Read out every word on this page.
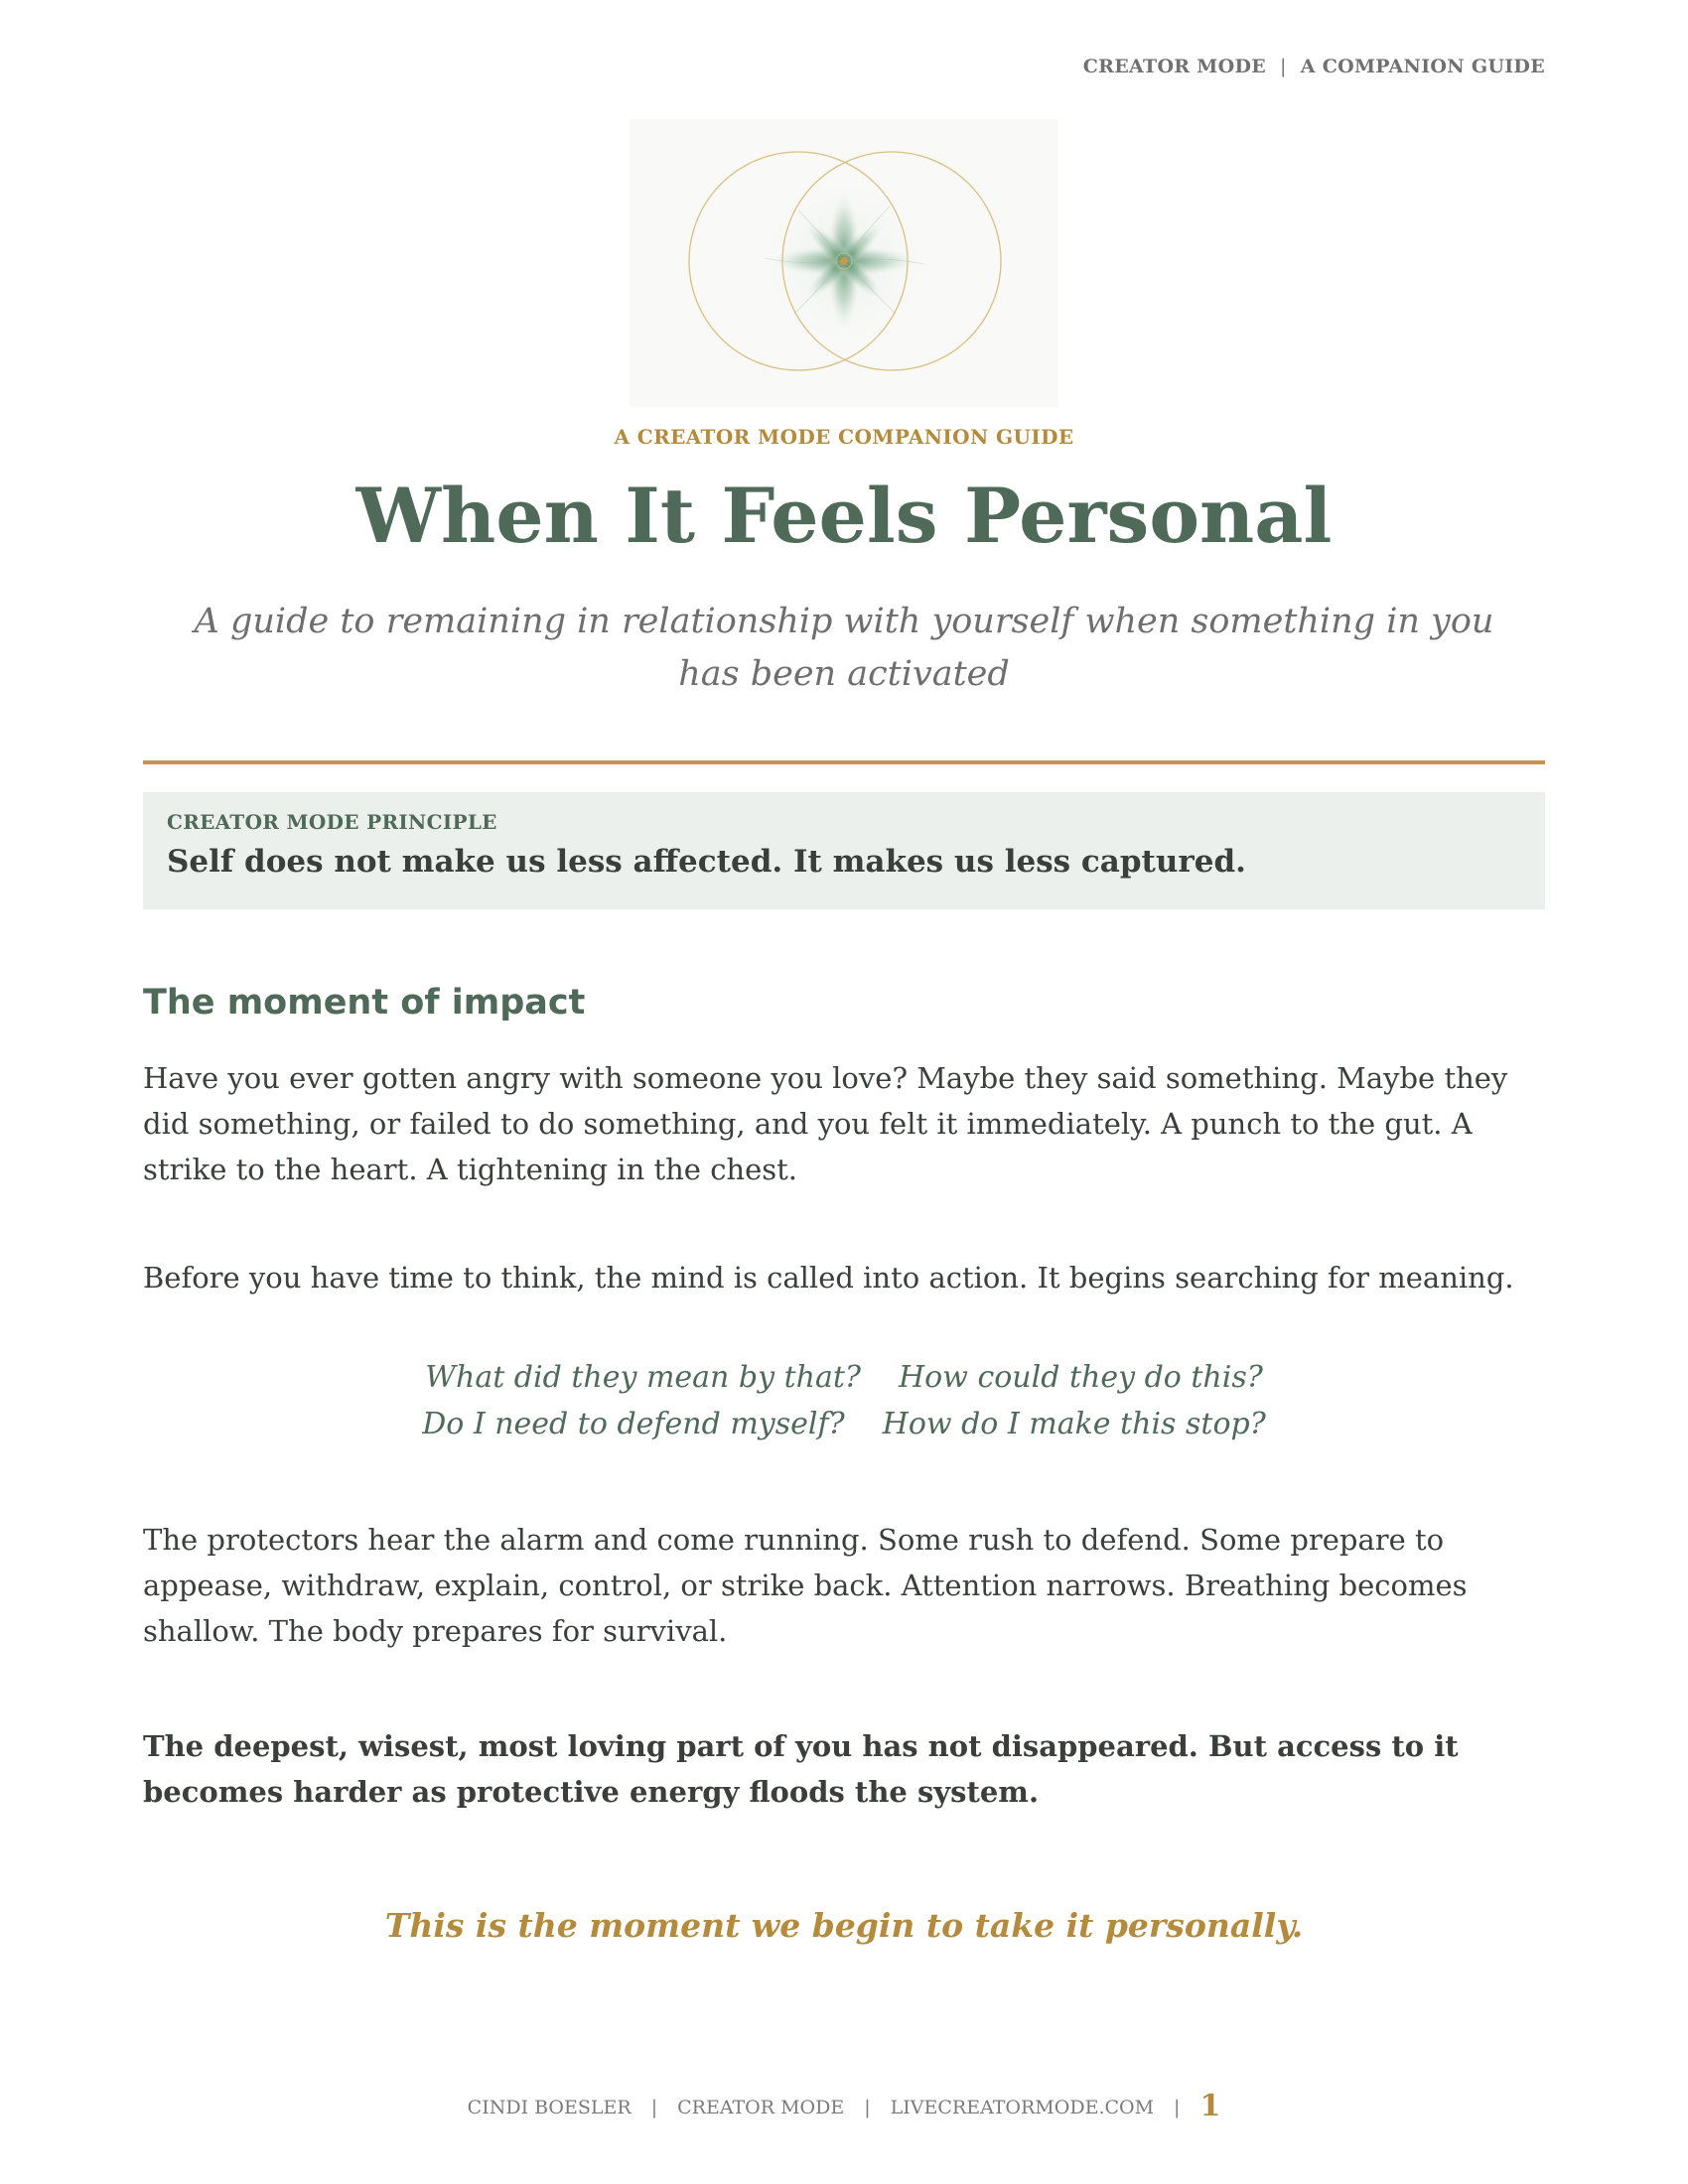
CREATOR MODE | A COMPANION GUIDE
A CREATOR MODE COMPANION GUIDE
When It Feels Personal
A guide to remaining in relationship with yourself when something in you has been activated
CREATOR MODE PRINCIPLE
Self does not make us less affected. It makes us less captured.
The moment of impact

Have you ever gotten angry with someone you love? Maybe they said something. Maybe they did something, or failed to do something, and you felt it immediately. A punch to the gut. A strike to the heart. A tightening in the chest.

Before you have time to think, the mind is called into action. It begins searching for meaning.

What did they mean by that? How could they do this?
Do I need to defend myself? How do I make this stop?

The protectors hear the alarm and come running. Some rush to defend. Some prepare to appease, withdraw, explain, control, or strike back. Attention narrows. Breathing becomes shallow. The body prepares for survival.

The deepest, wisest, most loving part of you has not disappeared. But access to it becomes harder as protective energy floods the system.

This is the moment we begin to take it personally.
CINDI BOESLER | CREATOR MODE | LIVECREATORMODE.COM | 1
